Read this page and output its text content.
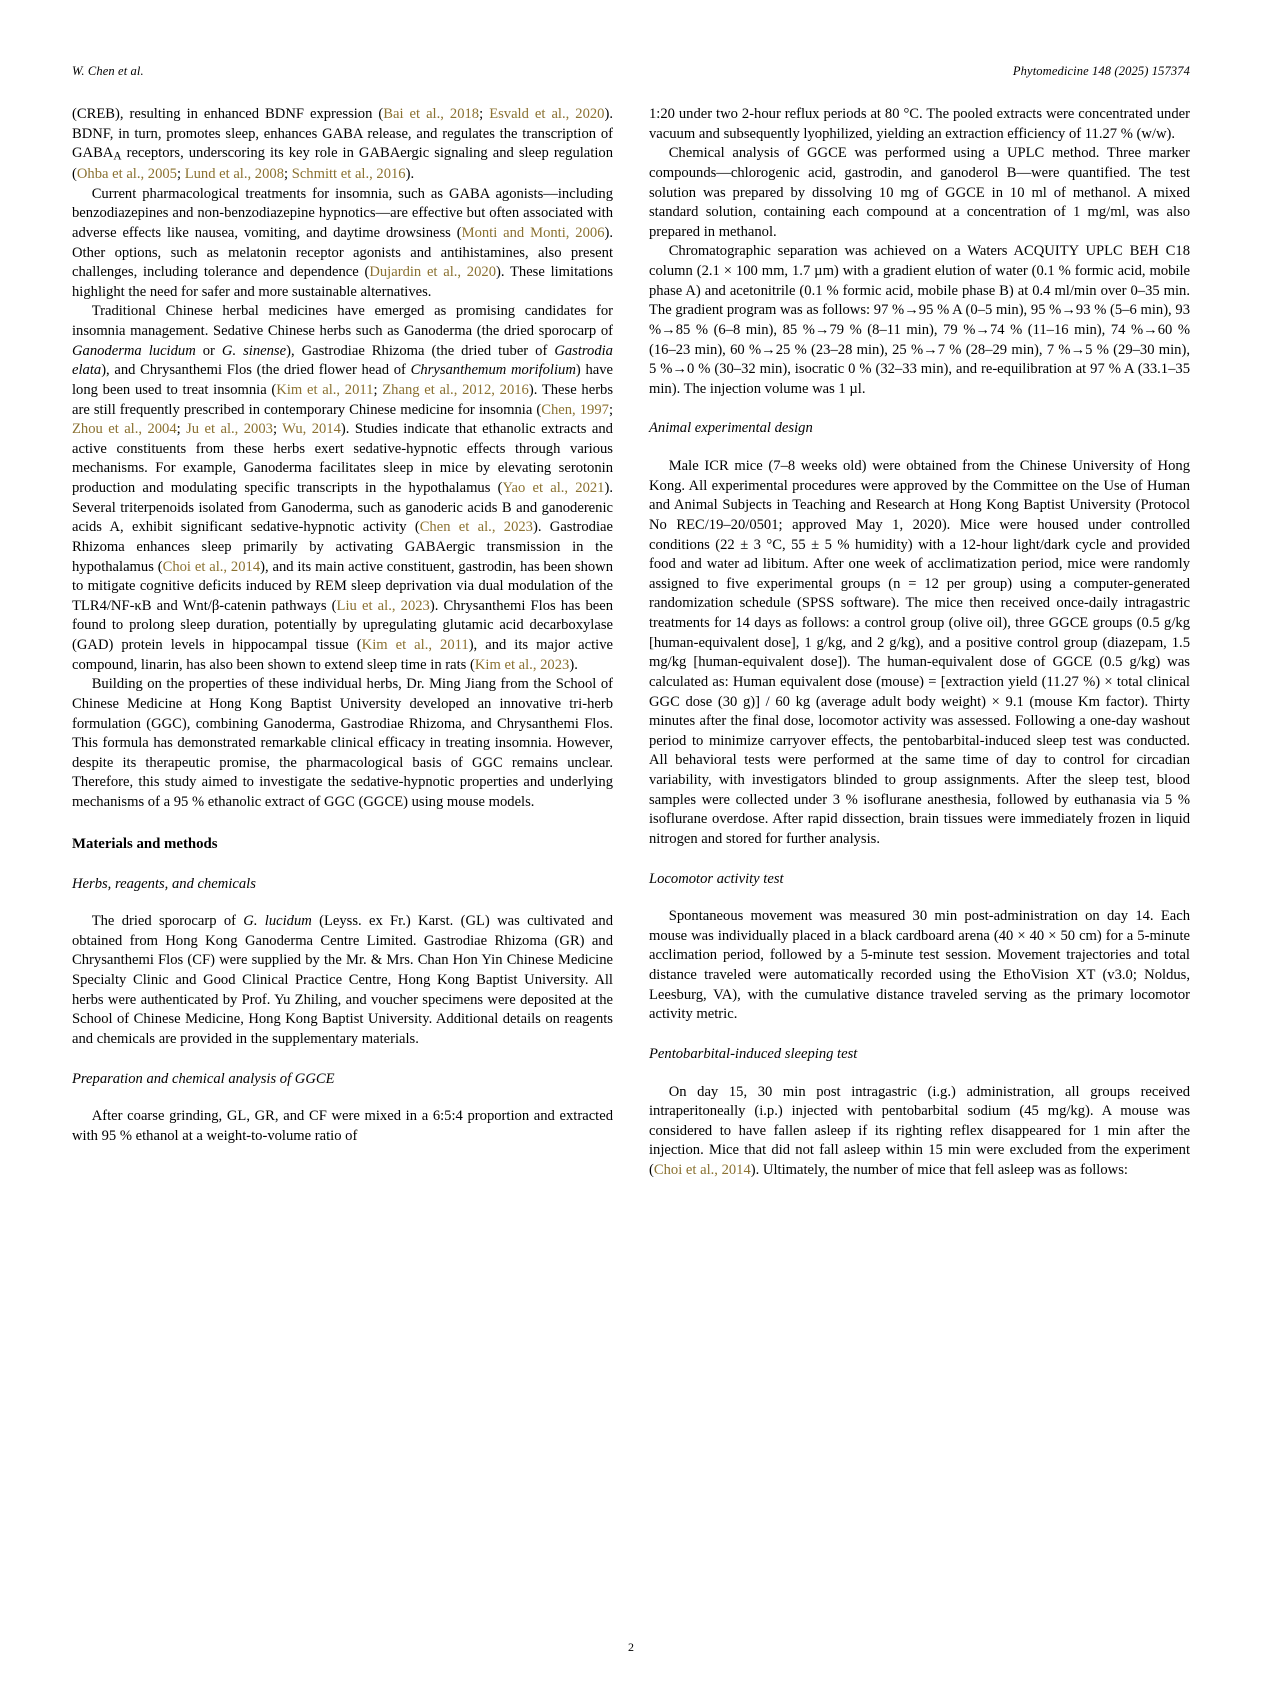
W. Chen et al.	Phytomedicine 148 (2025) 157374

(CREB), resulting in enhanced BDNF expression (Bai et al., 2018; Esvald et al., 2020). BDNF, in turn, promotes sleep, enhances GABA release, and regulates the transcription of $GABA_A$ receptors, underscoring its key role in GABAergic signaling and sleep regulation (Ohba et al., 2005; Lund et al., 2008; Schmitt et al., 2016).

Current pharmacological treatments for insomnia, such as GABA agonists—including benzodiazepines and non-benzodiazepine hypnotics—are effective but often associated with adverse effects like nausea, vomiting, and daytime drowsiness (Monti and Monti, 2006). Other options, such as melatonin receptor agonists and antihistamines, also present challenges, including tolerance and dependence (Dujardin et al., 2020). These limitations highlight the need for safer and more sustainable alternatives.

Traditional Chinese herbal medicines have emerged as promising candidates for insomnia management. Sedative Chinese herbs such as Ganoderma (the dried sporocarp of Ganoderma lucidum or G. sinense), Gastrodiae Rhizoma (the dried tuber of Gastrodia elata), and Chrysanthemi Flos (the dried flower head of Chrysanthemum morifolium) have long been used to treat insomnia (Kim et al., 2011; Zhang et al., 2012, 2016). These herbs are still frequently prescribed in contemporary Chinese medicine for insomnia (Chen, 1997; Zhou et al., 2004; Ju et al., 2003; Wu, 2014). Studies indicate that ethanolic extracts and active constituents from these herbs exert sedative-hypnotic effects through various mechanisms. For example, Ganoderma facilitates sleep in mice by elevating serotonin production and modulating specific transcripts in the hypothalamus (Yao et al., 2021). Several triterpenoids isolated from Ganoderma, such as ganoderic acids B and ganoderenic acids A, exhibit significant sedative-hypnotic activity (Chen et al., 2023). Gastrodiae Rhizoma enhances sleep primarily by activating GABAergic transmission in the hypothalamus (Choi et al., 2014), and its main active constituent, gastrodin, has been shown to mitigate cognitive deficits induced by REM sleep deprivation via dual modulation of the TLR4/NF-κB and Wnt/β-catenin pathways (Liu et al., 2023). Chrysanthemi Flos has been found to prolong sleep duration, potentially by upregulating glutamic acid decarboxylase (GAD) protein levels in hippocampal tissue (Kim et al., 2011), and its major active compound, linarin, has also been shown to extend sleep time in rats (Kim et al., 2023).

Building on the properties of these individual herbs, Dr. Ming Jiang from the School of Chinese Medicine at Hong Kong Baptist University developed an innovative tri-herb formulation (GGC), combining Ganoderma, Gastrodiae Rhizoma, and Chrysanthemi Flos. This formula has demonstrated remarkable clinical efficacy in treating insomnia. However, despite its therapeutic promise, the pharmacological basis of GGC remains unclear. Therefore, this study aimed to investigate the sedative-hypnotic properties and underlying mechanisms of a 95 % ethanolic extract of GGC (GGCE) using mouse models.

Materials and methods
Herbs, reagents, and chemicals

The dried sporocarp of G. lucidum (Leyss. ex Fr.) Karst. (GL) was cultivated and obtained from Hong Kong Ganoderma Centre Limited. Gastrodiae Rhizoma (GR) and Chrysanthemi Flos (CF) were supplied by the Mr. & Mrs. Chan Hon Yin Chinese Medicine Specialty Clinic and Good Clinical Practice Centre, Hong Kong Baptist University. All herbs were authenticated by Prof. Yu Zhiling, and voucher specimens were deposited at the School of Chinese Medicine, Hong Kong Baptist University. Additional details on reagents and chemicals are provided in the supplementary materials.

Preparation and chemical analysis of GGCE

After coarse grinding, GL, GR, and CF were mixed in a 6:5:4 proportion and extracted with 95 % ethanol at a weight-to-volume ratio of

1:20 under two 2-hour reflux periods at 80 °C. The pooled extracts were concentrated under vacuum and subsequently lyophilized, yielding an extraction efficiency of 11.27 % (w/w).

Chemical analysis of GGCE was performed using a UPLC method. Three marker compounds—chlorogenic acid, gastrodin, and ganoderol B—were quantified. The test solution was prepared by dissolving 10 mg of GGCE in 10 ml of methanol. A mixed standard solution, containing each compound at a concentration of 1 mg/ml, was also prepared in methanol.

Chromatographic separation was achieved on a Waters ACQUITY UPLC BEH C18 column (2.1 × 100 mm, 1.7 µm) with a gradient elution of water (0.1 % formic acid, mobile phase A) and acetonitrile (0.1 % formic acid, mobile phase B) at 0.4 ml/min over 0–35 min. The gradient program was as follows: 97 %→95 % A (0–5 min), 95 %→93 % (5–6 min), 93 %→85 % (6–8 min), 85 %→79 % (8–11 min), 79 %→74 % (11–16 min), 74 %→60 % (16–23 min), 60 %→25 % (23–28 min), 25 %→7 % (28–29 min), 7 %→5 % (29–30 min), 5 %→0 % (30–32 min), isocratic 0 % (32–33 min), and re-equilibration at 97 % A (33.1–35 min). The injection volume was 1 µl.

Animal experimental design

Male ICR mice (7–8 weeks old) were obtained from the Chinese University of Hong Kong. All experimental procedures were approved by the Committee on the Use of Human and Animal Subjects in Teaching and Research at Hong Kong Baptist University (Protocol No REC/19–20/0501; approved May 1, 2020). Mice were housed under controlled conditions (22 ± 3 °C, 55 ± 5 % humidity) with a 12-hour light/dark cycle and provided food and water ad libitum. After one week of acclimatization period, mice were randomly assigned to five experimental groups (n = 12 per group) using a computer-generated randomization schedule (SPSS software). The mice then received once-daily intragastric treatments for 14 days as follows: a control group (olive oil), three GGCE groups (0.5 g/kg [human-equivalent dose], 1 g/kg, and 2 g/kg), and a positive control group (diazepam, 1.5 mg/kg [human-equivalent dose]). The human-equivalent dose of GGCE (0.5 g/kg) was calculated as: Human equivalent dose (mouse) = [extraction yield (11.27 %) × total clinical GGC dose (30 g)] / 60 kg (average adult body weight) × 9.1 (mouse Km factor). Thirty minutes after the final dose, locomotor activity was assessed. Following a one-day washout period to minimize carryover effects, the pentobarbital-induced sleep test was conducted. All behavioral tests were performed at the same time of day to control for circadian variability, with investigators blinded to group assignments. After the sleep test, blood samples were collected under 3 % isoflurane anesthesia, followed by euthanasia via 5 % isoflurane overdose. After rapid dissection, brain tissues were immediately frozen in liquid nitrogen and stored for further analysis.

Locomotor activity test

Spontaneous movement was measured 30 min post-administration on day 14. Each mouse was individually placed in a black cardboard arena (40 × 40 × 50 cm) for a 5-minute acclimation period, followed by a 5-minute test session. Movement trajectories and total distance traveled were automatically recorded using the EthoVision XT (v3.0; Noldus, Leesburg, VA), with the cumulative distance traveled serving as the primary locomotor activity metric.

Pentobarbital-induced sleeping test

On day 15, 30 min post intragastric (i.g.) administration, all groups received intraperitoneally (i.p.) injected with pentobarbital sodium (45 mg/kg). A mouse was considered to have fallen asleep if its righting reflex disappeared for 1 min after the injection. Mice that did not fall asleep within 15 min were excluded from the experiment (Choi et al., 2014). Ultimately, the number of mice that fell asleep was as follows:

2
